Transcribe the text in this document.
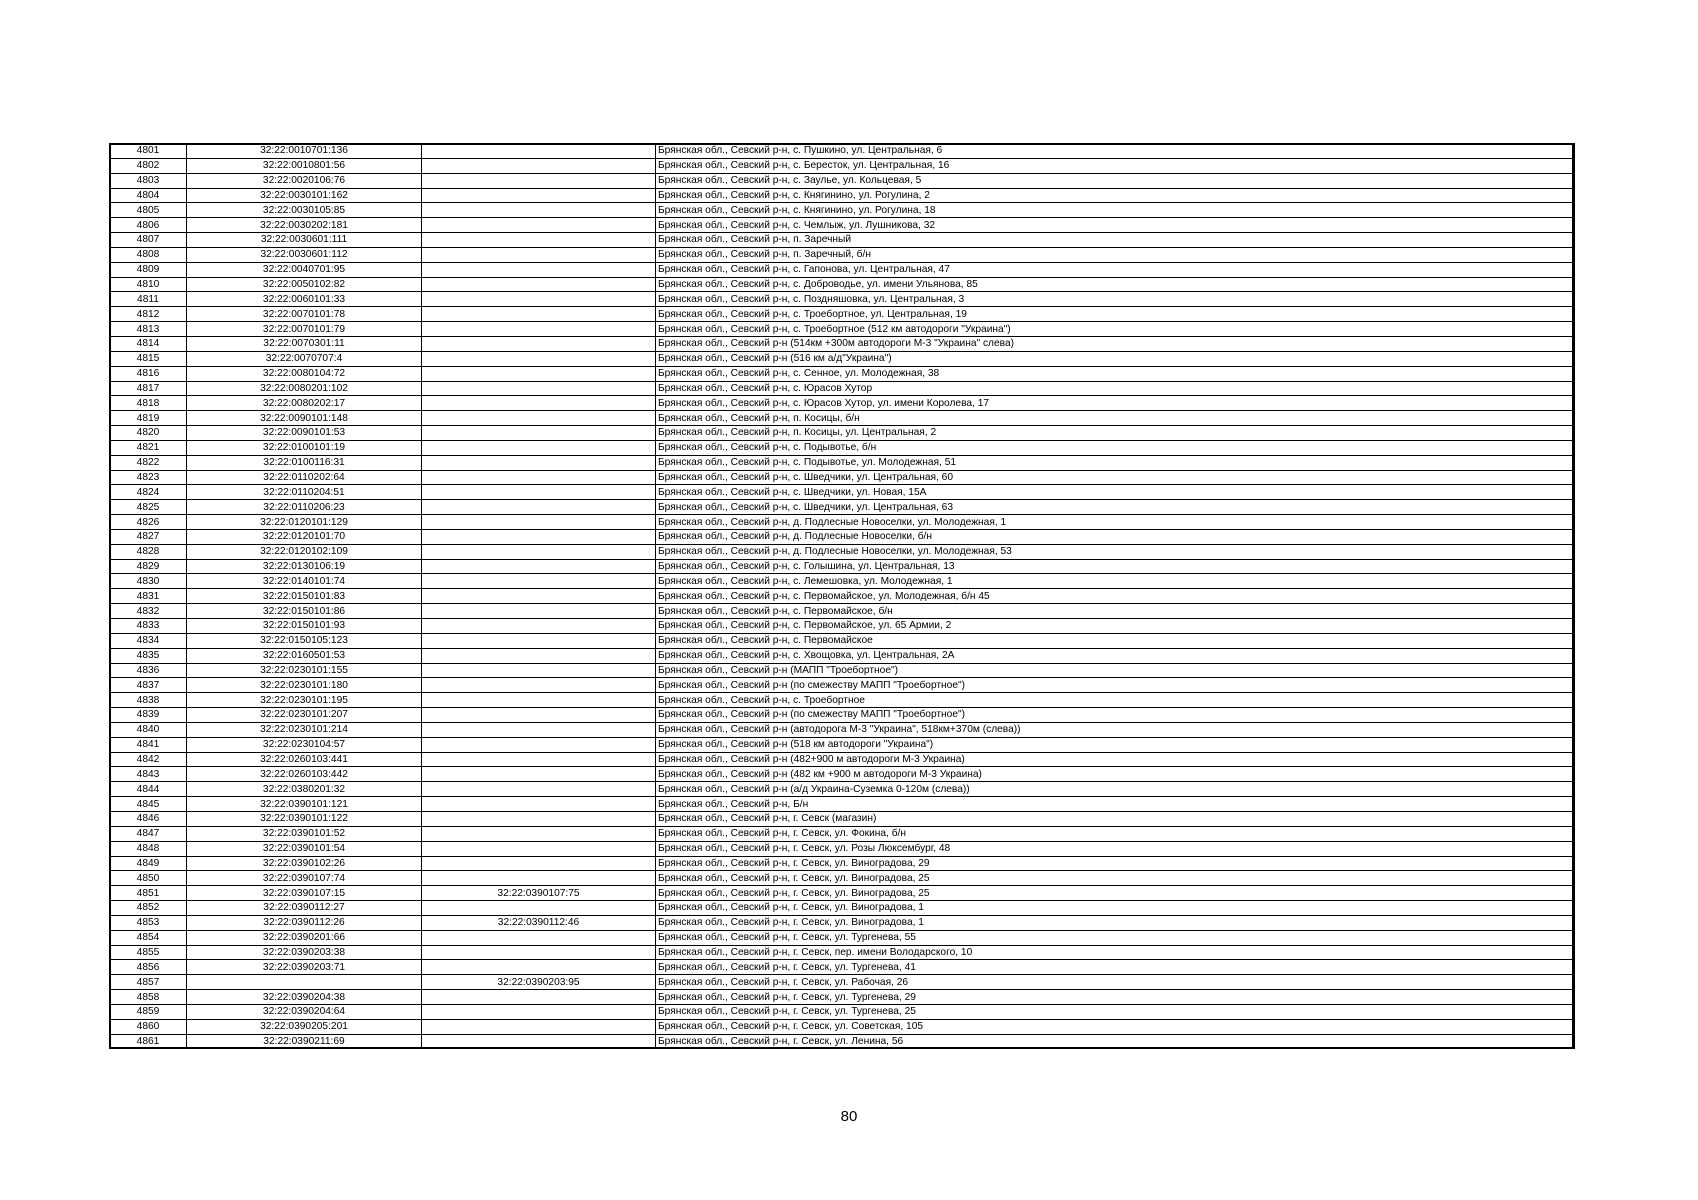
4801	32:22:0010701:136		Брянская обл., Севский р-н, с. Пушкино, ул. Центральная, 6
4802	32:22:0010801:56		Брянская обл., Севский р-н, с. Бересток, ул. Центральная, 16
4803	32:22:0020106:76		Брянская обл., Севский р-н, с. Заулье, ул. Кольцевая, 5
4804	32:22:0030101:162		Брянская обл., Севский р-н, с. Княгинино, ул. Рогулина, 2
4805	32:22:0030105:85		Брянская обл., Севский р-н, с. Княгинино, ул. Рогулина, 18
4806	32:22:0030202:181		Брянская обл., Севский р-н, с. Чемлыж, ул. Лушникова, 32
4807	32:22:0030601:111		Брянская обл., Севский р-н, п. Заречный
4808	32:22:0030601:112		Брянская обл., Севский р-н, п. Заречный, б/н
4809	32:22:0040701:95		Брянская обл., Севский р-н, с. Гапонова, ул. Центральная, 47
4810	32:22:0050102:82		Брянская обл., Севский р-н, с. Доброводье, ул. имени Ульянова, 85
4811	32:22:0060101:33		Брянская обл., Севский р-н, с. Поздняшовка, ул. Центральная, 3
4812	32:22:0070101:78		Брянская обл., Севский р-н, с. Троебортное, ул. Центральная, 19
4813	32:22:0070101:79		Брянская обл., Севский р-н, с. Троебортное (512 км автодороги "Украина")
4814	32:22:0070301:11		Брянская обл., Севский р-н (514км +300м автодороги М-3 "Украина" слева)
4815	32:22:0070707:4		Брянская обл., Севский р-н (516 км а/д"Украина")
4816	32:22:0080104:72		Брянская обл., Севский р-н, с. Сенное, ул. Молодежная, 38
4817	32:22:0080201:102		Брянская обл., Севский р-н, с. Юрасов Хутор
4818	32:22:0080202:17		Брянская обл., Севский р-н, с. Юрасов Хутор, ул. имени Королева, 17
4819	32:22:0090101:148		Брянская обл., Севский р-н, п. Косицы, б/н
4820	32:22:0090101:53		Брянская обл., Севский р-н, п. Косицы, ул. Центральная, 2
4821	32:22:0100101:19		Брянская обл., Севский р-н, с. Подывотье, б/н
4822	32:22:0100116:31		Брянская обл., Севский р-н, с. Подывотье, ул. Молодежная, 51
4823	32:22:0110202:64		Брянская обл., Севский р-н, с. Шведчики, ул. Центральная, 60
4824	32:22:0110204:51		Брянская обл., Севский р-н, с. Шведчики, ул. Новая, 15А
4825	32:22:0110206:23		Брянская обл., Севский р-н, с. Шведчики, ул. Центральная, 63
4826	32:22:0120101:129		Брянская обл., Севский р-н, д. Подлесные Новоселки, ул. Молодежная, 1
4827	32:22:0120101:70		Брянская обл., Севский р-н, д. Подлесные Новоселки, б/н
4828	32:22:0120102:109		Брянская обл., Севский р-н, д. Подлесные Новоселки, ул. Молодежная, 53
4829	32:22:0130106:19		Брянская обл., Севский р-н, с. Голышина, ул. Центральная, 13
4830	32:22:0140101:74		Брянская обл., Севский р-н, с. Лемешовка, ул. Молодежная, 1
4831	32:22:0150101:83		Брянская обл., Севский р-н, с. Первомайское, ул. Молодежная, б/н 45
4832	32:22:0150101:86		Брянская обл., Севский р-н, с. Первомайское, б/н
4833	32:22:0150101:93		Брянская обл., Севский р-н, с. Первомайское, ул. 65 Армии, 2
4834	32:22:0150105:123		Брянская обл., Севский р-н, с. Первомайское
4835	32:22:0160501:53		Брянская обл., Севский р-н, с. Хвощовка, ул. Центральная, 2А
4836	32:22:0230101:155		Брянская обл., Севский р-н (МАПП "Троебортное")
4837	32:22:0230101:180		Брянская обл., Севский р-н (по смежеству МАПП "Троебортное")
4838	32:22:0230101:195		Брянская обл., Севский р-н, с. Троебортное
4839	32:22:0230101:207		Брянская обл., Севский р-н (по смежеству МАПП "Троебортное")
4840	32:22:0230101:214		Брянская обл., Севский р-н (автодорога М-3 "Украина", 518км+370м (слева))
4841	32:22:0230104:57		Брянская обл., Севский р-н (518 км автодороги "Украина")
4842	32:22:0260103:441		Брянская обл., Севский р-н (482+900 м автодороги М-3 Украина)
4843	32:22:0260103:442		Брянская обл., Севский р-н (482 км +900 м автодороги М-3 Украина)
4844	32:22:0380201:32		Брянская обл., Севский р-н (а/д Украина-Суземка 0-120м (слева))
4845	32:22:0390101:121		Брянская обл., Севский р-н, Б/н
4846	32:22:0390101:122		Брянская обл., Севский р-н, г. Севск (магазин)
4847	32:22:0390101:52		Брянская обл., Севский р-н, г. Севск, ул. Фокина, б/н
4848	32:22:0390101:54		Брянская обл., Севский р-н, г. Севск, ул. Розы Люксембург, 48
4849	32:22:0390102:26		Брянская обл., Севский р-н, г. Севск, ул. Виноградова, 29
4850	32:22:0390107:74		Брянская обл., Севский р-н, г. Севск, ул. Виноградова, 25
4851	32:22:0390107:15	32:22:0390107:75	Брянская обл., Севский р-н, г. Севск, ул. Виноградова, 25
4852	32:22:0390112:27		Брянская обл., Севский р-н, г. Севск, ул. Виноградова, 1
4853	32:22:0390112:26	32:22:0390112:46	Брянская обл., Севский р-н, г. Севск, ул. Виноградова, 1
4854	32:22:0390201:66		Брянская обл., Севский р-н, г. Севск, ул. Тургенева, 55
4855	32:22:0390203:38		Брянская обл., Севский р-н, г. Севск, пер. имени Володарского, 10
4856	32:22:0390203:71		Брянская обл., Севский р-н, г. Севск, ул. Тургенева, 41
4857		32:22:0390203:95	Брянская обл., Севский р-н, г. Севск, ул. Рабочая, 26
4858	32:22:0390204:38		Брянская обл., Севский р-н, г. Севск, ул. Тургенева, 29
4859	32:22:0390204:64		Брянская обл., Севский р-н, г. Севск, ул. Тургенева, 25
4860	32:22:0390205:201		Брянская обл., Севский р-н, г. Севск, ул. Советская, 105
4861	32:22:0390211:69		Брянская обл., Севский р-н, г. Севск, ул. Ленина, 56
80
